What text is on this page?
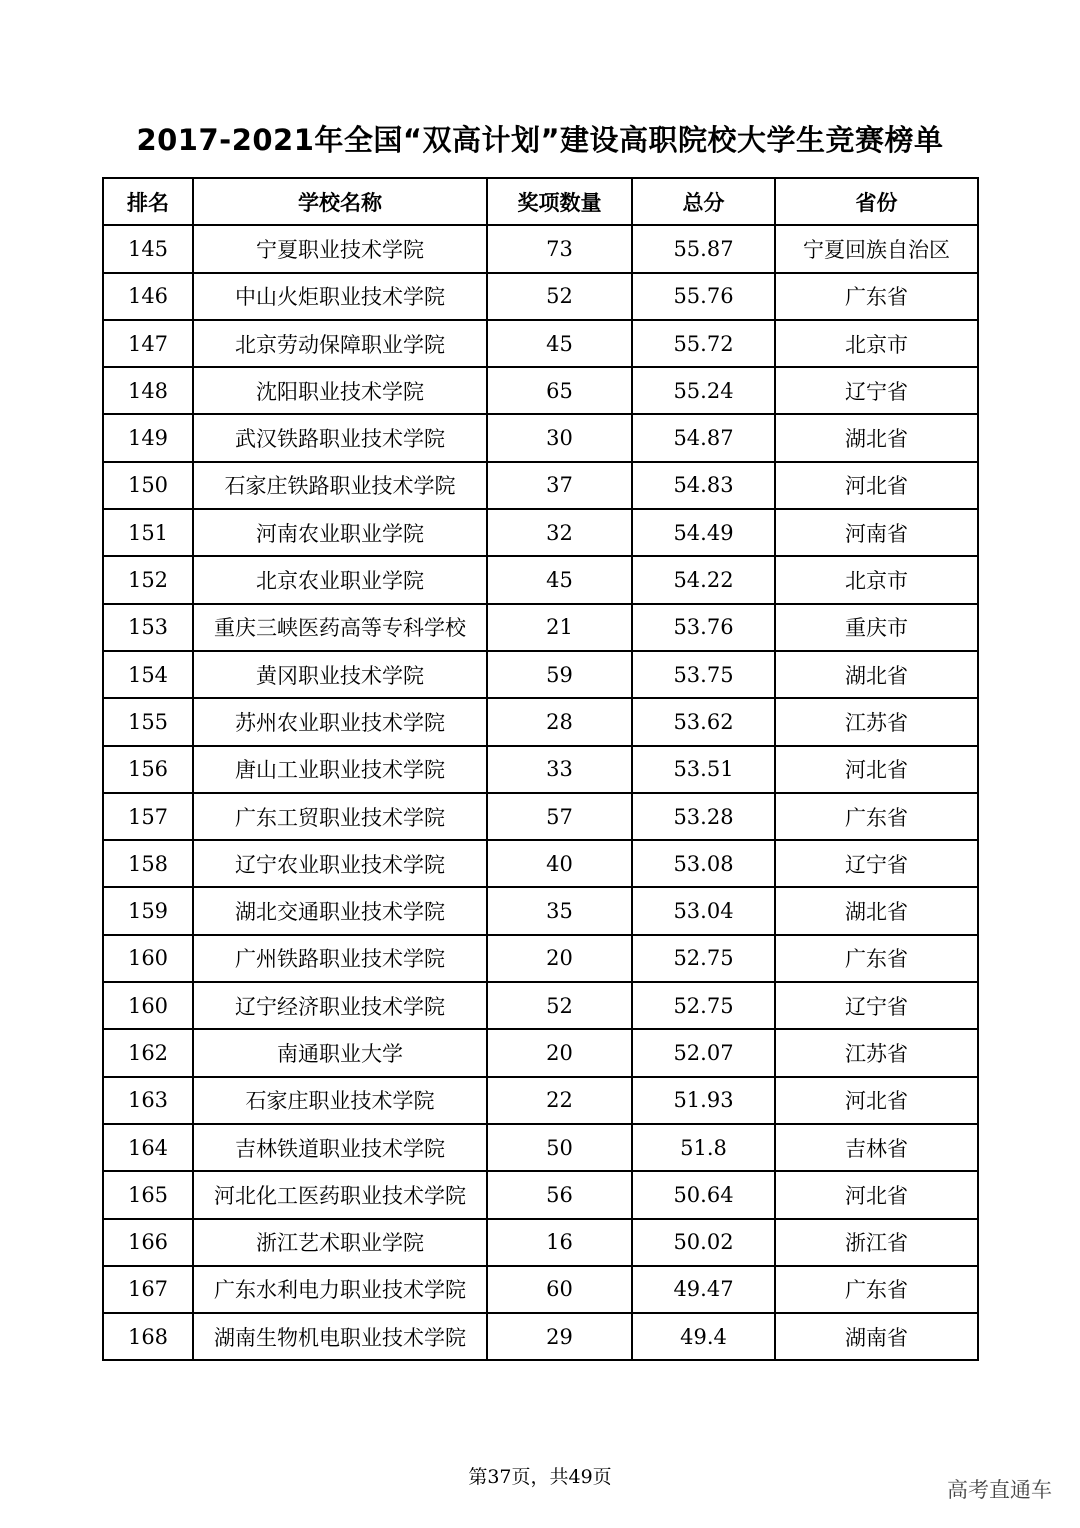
2017-2021年全国“双高计划”建设高职院校大学生竞赛榜单
排名	学校名称	奖项数量	总分	省份
145	宁夏职业技术学院	73	55.87	宁夏回族自治区
146	中山火炬职业技术学院	52	55.76	广东省
147	北京劳动保障职业学院	45	55.72	北京市
148	沈阳职业技术学院	65	55.24	辽宁省
149	武汉铁路职业技术学院	30	54.87	湖北省
150	石家庄铁路职业技术学院	37	54.83	河北省
151	河南农业职业学院	32	54.49	河南省
152	北京农业职业学院	45	54.22	北京市
153	重庆三峡医药高等专科学校	21	53.76	重庆市
154	黄冈职业技术学院	59	53.75	湖北省
155	苏州农业职业技术学院	28	53.62	江苏省
156	唐山工业职业技术学院	33	53.51	河北省
157	广东工贸职业技术学院	57	53.28	广东省
158	辽宁农业职业技术学院	40	53.08	辽宁省
159	湖北交通职业技术学院	35	53.04	湖北省
160	广州铁路职业技术学院	20	52.75	广东省
160	辽宁经济职业技术学院	52	52.75	辽宁省
162	南通职业大学	20	52.07	江苏省
163	石家庄职业技术学院	22	51.93	河北省
164	吉林铁道职业技术学院	50	51.8	吉林省
165	河北化工医药职业技术学院	56	50.64	河北省
166	浙江艺术职业学院	16	50.02	浙江省
167	广东水利电力职业技术学院	60	49.47	广东省
168	湖南生物机电职业技术学院	29	49.4	湖南省
第37页，共49页
高考直通车
